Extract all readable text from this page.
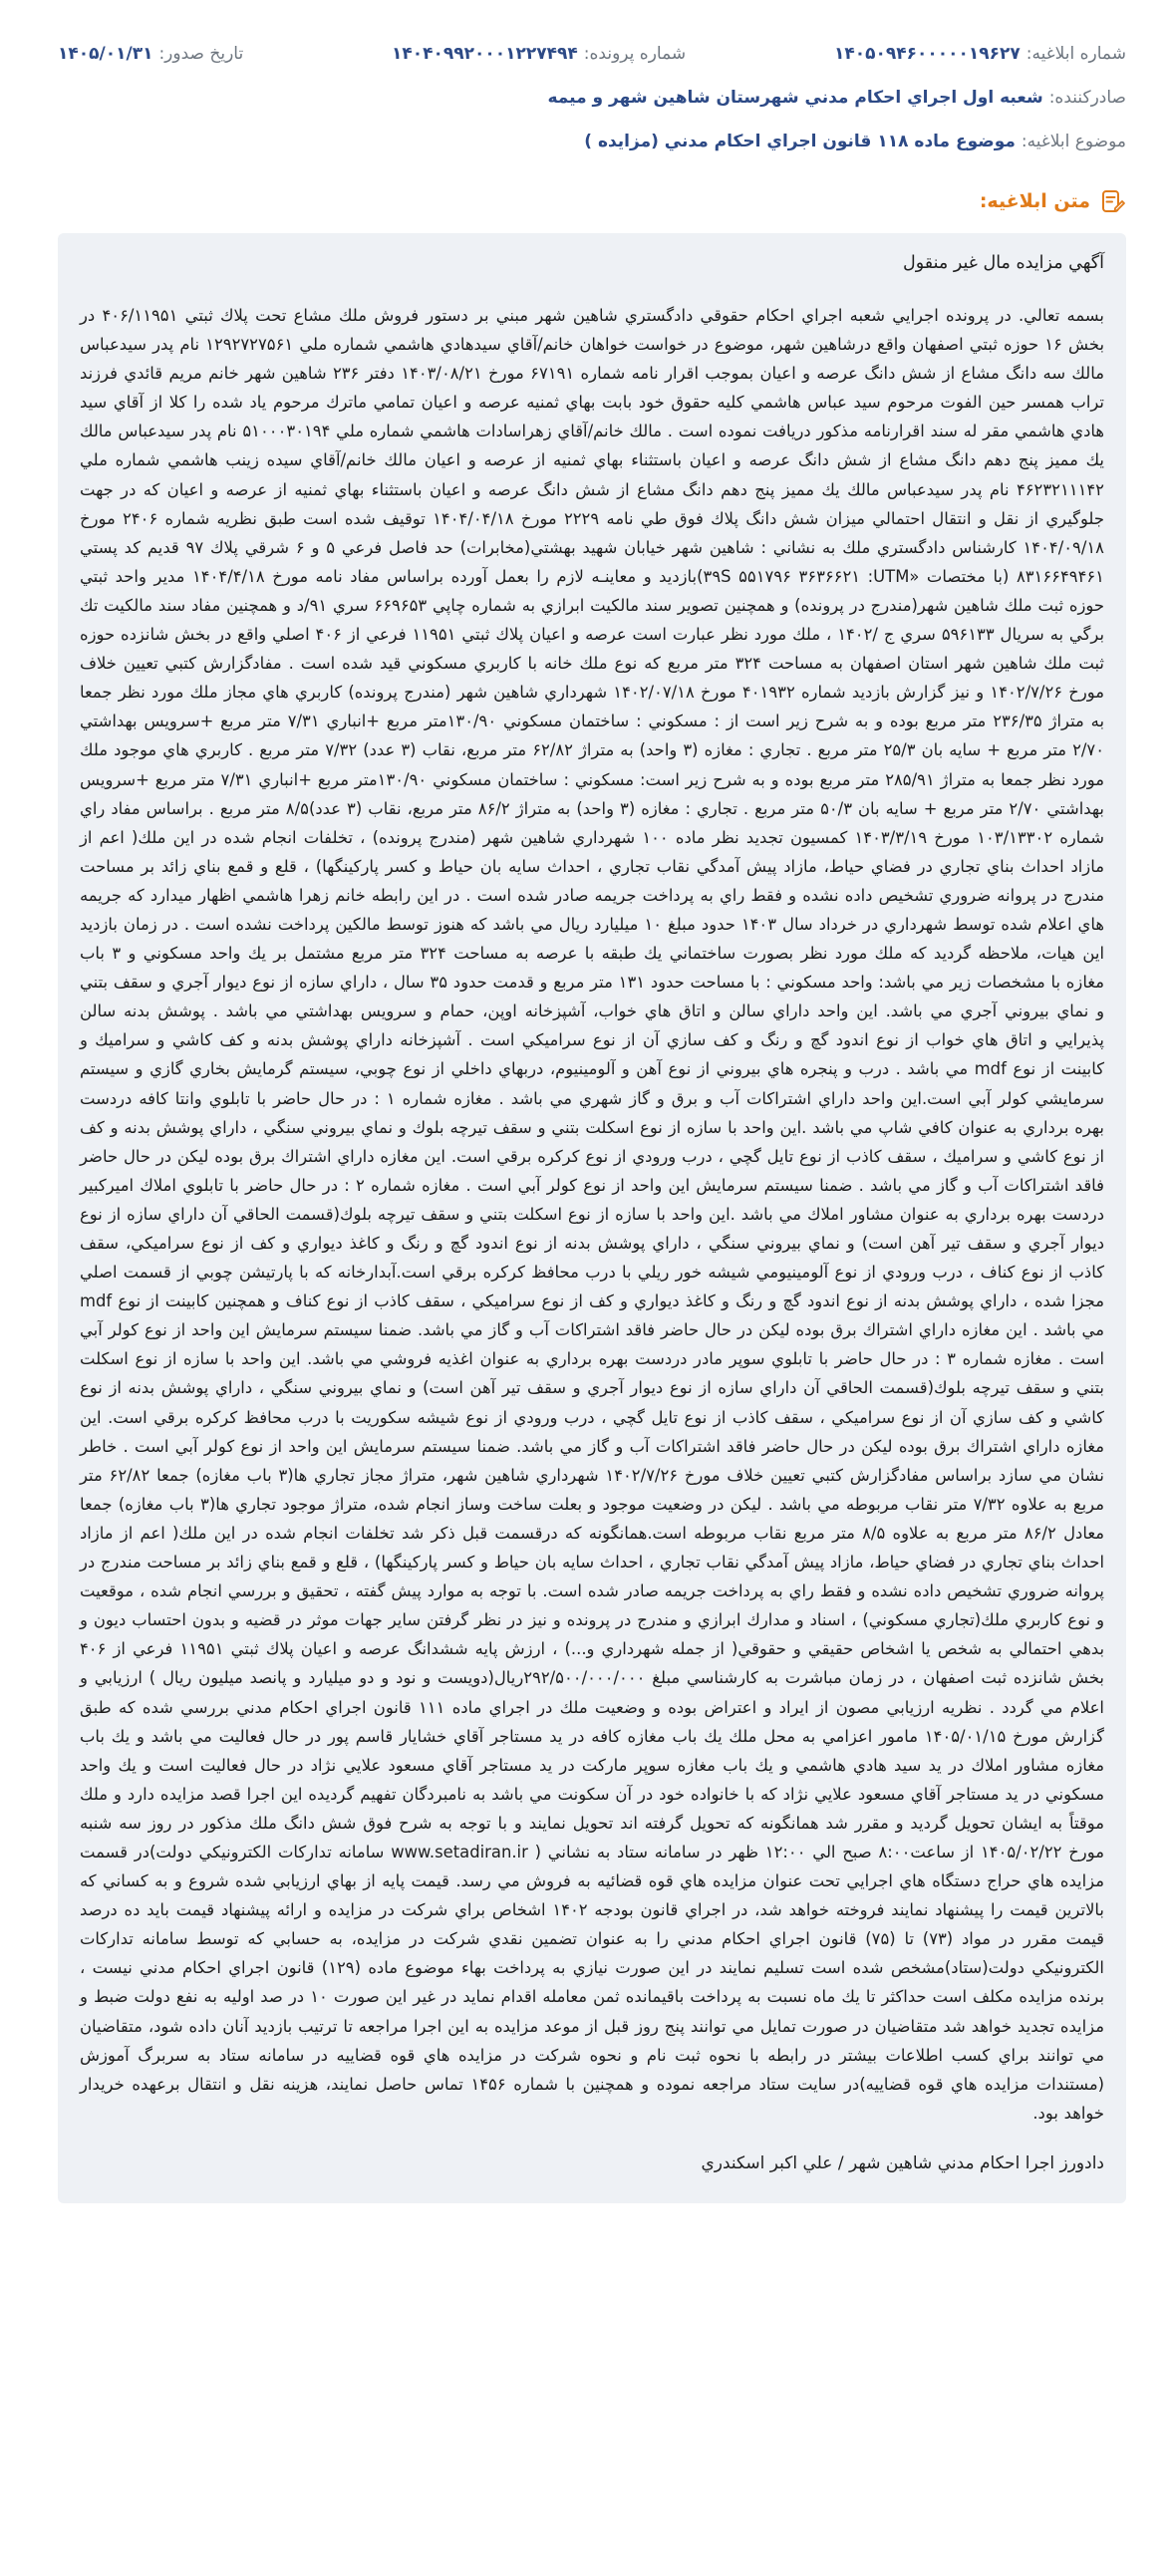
شماره ابلاغیه:
۱۴۰۵۰۹۴۶۰۰۰۰۰۱۹۶۲۷
شماره پرونده:
۱۴۰۴۰۹۹۲۰۰۰۱۲۲۷۴۹۴
تاریخ صدور:
۱۴۰۵/۰۱/۳۱
صادرکننده:
شعبه اول اجراي احكام مدني شهرستان شاهين شهر و ميمه
موضوع ابلاغیه:
موضوع ماده ۱۱۸ قانون اجراي احكام مدني (مزايده )
متن ابلاغیه:
آگهي مزايده مال غير منقول

بسمه تعالي. در پرونده اجرايي شعبه اجراي احكام حقوقي دادگستري شاهين شهر مبني بر دستور فروش ملك مشاع تحت پلاك ثبتي ۴۰۶/۱۱۹۵۱ در بخش ۱۶ حوزه ثبتي اصفهان واقع درشاهين شهر، موضوع در خواست خواهان خانم/آقاي سيدهادي هاشمي شماره ملي ۱۲۹۲۷۲۷۵۶۱ نام پدر سيدعباس مالك سه دانگ مشاع از شش دانگ عرصه و اعيان بموجب اقرار نامه شماره ۶۷۱۹۱ مورخ ۱۴۰۳/۰۸/۲۱ دفتر ۲۳۶ شاهين شهر خانم مريم قائدي فرزند تراب همسر حين الفوت مرحوم سيد عباس هاشمي كليه حقوق خود بابت بهاي ثمنيه عرصه و اعيان تمامي ماترك مرحوم ياد شده را كلا از آقاي سيد هادي هاشمي مقر له سند اقرارنامه مذكور دريافت نموده است . مالك خانم/آقاي زهراسادات هاشمي شماره ملي ۵۱۰۰۰۳۰۱۹۴ نام پدر سيدعباس مالك يك مميز پنج دهم دانگ مشاع از شش دانگ عرصه و اعيان باستثناء بهاي ثمنيه از عرصه و اعيان مالك خانم/آقاي سيده زينب هاشمي شماره ملي ۴۶۲۳۲۱۱۱۴۲ نام پدر سيدعباس مالك يك مميز پنج دهم دانگ مشاع از شش دانگ عرصه و اعيان باستثناء بهاي ثمنيه از عرصه و اعيان كه در جهت جلوگيري از نقل و انتقال احتمالي ميزان شش دانگ پلاك فوق طي نامه ۲۲۲۹ مورخ ۱۴۰۴/۰۴/۱۸ توقيف شده است طبق نظريه شماره ۲۴۰۶ مورخ ۱۴۰۴/۰۹/۱۸ كارشناس دادگستري ملك به نشاني : شاهين شهر خيابان شهيد بهشتي(مخابرات) حد فاصل فرعي ۵ و ۶ شرقي پلاك ۹۷ قديم كد پستي ۸۳۱۶۶۴۹۴۶۱ (با مختصات «۳۹S ۵۵۱۷۹۶ ۳۶۳۶۶۲۱ :UTM)بازديد و معاينـه لازم را بعمل آورده براساس مفاد نامه مورخ ۱۴۰۴/۴/۱۸ مدير واحد ثبتي حوزه ثبت ملك شاهين شهر(مندرج در پرونده) و همچنين تصوير سند مالكيت ابرازي به شماره چاپي ۶۶۹۶۵۳ سري ۹۱/د و همچنين مفاد سند مالكيت تك برگي به سريال ۵۹۶۱۳۳ سري ج /۱۴۰۲ ، ملك مورد نظر عبارت است عرصه و اعيان پلاك ثبتي ۱۱۹۵۱ فرعي از ۴۰۶ اصلي واقع در بخش شانزده حوزه ثبت ملك شاهين شهر استان اصفهان به مساحت ۳۲۴ متر مربع كه نوع ملك خانه با كاربري مسكوني قيد شده است . مفادگزارش كتبي تعيين خلاف مورخ ۱۴۰۲/۷/۲۶ و نيز گزارش بازديد شماره ۴۰۱۹۳۲ مورخ ۱۴۰۲/۰۷/۱۸ شهرداري شاهين شهر (مندرج پرونده) كاربري هاي مجاز ملك مورد نظر جمعا به متراژ ۲۳۶/۳۵ متر مربع بوده و به شرح زير است از : مسكوني : ساختمان مسكوني ۱۳۰/۹۰متر مربع +انباري ۷/۳۱ متر مربع +سرويس بهداشتي ۲/۷۰ متر مربع + سايه بان ۲۵/۳ متر مربع . تجاري : مغازه (۳ واحد) به متراژ ۶۲/۸۲ متر مربع، نقاب (۳ عدد) ۷/۳۲ متر مربع . كاربري هاي موجود ملك مورد نظر جمعا به متراژ ۲۸۵/۹۱ متر مربع بوده و به شرح زير است: مسكوني : ساختمان مسكوني ۱۳۰/۹۰متر مربع +انباري ۷/۳۱ متر مربع +سرويس بهداشتي ۲/۷۰ متر مربع + سايه بان ۵۰/۳ متر مربع . تجاري : مغازه (۳ واحد) به متراژ ۸۶/۲ متر مربع، نقاب (۳ عدد)۸/۵ متر مربع . براساس مفاد راي شماره ۱۰۳/۱۳۳۰۲ مورخ ۱۴۰۳/۳/۱۹ كمسيون تجديد نظر ماده ۱۰۰ شهرداري شاهين شهر (مندرج پرونده) ، تخلفات انجام شده در اين ملك( اعم از مازاد احداث بناي تجاري در فضاي حياط، مازاد پيش آمدگي نقاب تجاري ، احداث سايه بان حياط و كسر پاركينگها) ، قلع و قمع بناي زائد بر مساحت مندرج در پروانه ضروري تشخيص داده نشده و فقط راي به پرداخت جريمه صادر شده است . در اين رابطه خانم زهرا هاشمي اظهار ميدارد كه جريمه هاي اعلام شده توسط شهرداري در خرداد سال ۱۴۰۳ حدود مبلغ ۱۰ ميليارد ريال مي باشد كه هنوز توسط مالكين پرداخت نشده است . در زمان بازديد اين هيات، ملاحظه گرديد كه ملك مورد نظر بصورت ساختماني يك طبقه با عرصه به مساحت ۳۲۴ متر مربع مشتمل بر يك واحد مسكوني و ۳ باب مغازه با مشخصات زير مي باشد: واحد مسكوني : با مساحت حدود ۱۳۱ متر مربع و قدمت حدود ۳۵ سال ، داراي سازه از نوع ديوار آجري و سقف بتني و نماي بيروني آجري مي باشد. اين واحد داراي سالن و اتاق هاي خواب، آشپزخانه اوپن، حمام و سرويس بهداشتي مي باشد . پوشش بدنه سالن پذيرايي و اتاق هاي خواب از نوع اندود گچ و رنگ و كف سازي آن از نوع سراميكي است . آشپزخانه داراي پوشش بدنه و كف كاشي و سراميك و كابينت از نوع mdf مي باشد . درب و پنجره هاي بيروني از نوع آهن و آلومينيوم، دربهاي داخلي از نوع چوبي، سيستم گرمايش بخاري گازي و سيستم سرمايشي كولر آبي است.اين واحد داراي اشتراكات آب و برق و گاز شهري مي باشد . مغازه شماره ۱ : در حال حاضر با تابلوي وانتا كافه دردست بهره برداري به عنوان كافي شاپ مي باشد .اين واحد با سازه از نوع اسكلت بتني و سقف تيرچه بلوك و نماي بيروني سنگي ، داراي پوشش بدنه و كف از نوع كاشي و سراميك ، سقف كاذب از نوع تايل گچي ، درب ورودي از نوع كركره برقي است. اين مغازه داراي اشتراك برق بوده ليكن در حال حاضر فاقد اشتراكات آب و گاز مي باشد . ضمنا سيستم سرمايش اين واحد از نوع كولر آبي است . مغازه شماره ۲ : در حال حاضر با تابلوي املاك اميركبير دردست بهره برداري به عنوان مشاور املاك مي باشد .اين واحد با سازه از نوع اسكلت بتني و سقف تيرچه بلوك(قسمت الحاقي آن داراي سازه از نوع ديوار آجري و سقف تير آهن است) و نماي بيروني سنگي ، داراي پوشش بدنه از نوع اندود گچ و رنگ و كاغذ ديواري و كف از نوع سراميكي، سقف كاذب از نوع كناف ، درب ورودي از نوع آلومينيومي شيشه خور ريلي با درب محافظ كركره برقي است.آبدارخانه كه با پارتيشن چوبي از قسمت اصلي مجزا شده ، داراي پوشش بدنه از نوع اندود گچ و رنگ و كاغذ ديواري و كف از نوع سراميكي ، سقف كاذب از نوع كناف و همچنين كابينت از نوع mdf مي باشد . اين مغازه داراي اشتراك برق بوده ليكن در حال حاضر فاقد اشتراكات آب و گاز مي باشد. ضمنا سيستم سرمايش اين واحد از نوع كولر آبي است . مغازه شماره ۳ : در حال حاضر با تابلوي سوپر مادر دردست بهره برداري به عنوان اغذيه فروشي مي باشد. اين واحد با سازه از نوع اسكلت بتني و سقف تيرچه بلوك(قسمت الحاقي آن داراي سازه از نوع ديوار آجري و سقف تير آهن است) و نماي بيروني سنگي ، داراي پوشش بدنه از نوع كاشي و كف سازي آن از نوع سراميكي ، سقف كاذب از نوع تايل گچي ، درب ورودي از نوع شيشه سكوريت با درب محافظ كركره برقي است. اين مغازه داراي اشتراك برق بوده ليكن در حال حاضر فاقد اشتراكات آب و گاز مي باشد. ضمنا سيستم سرمايش اين واحد از نوع كولر آبي است . خاطر نشان مي سازد براساس مفادگزارش كتبي تعيين خلاف مورخ ۱۴۰۲/۷/۲۶ شهرداري شاهين شهر، متراژ مجاز تجاري ها(۳ باب مغازه) جمعا ۶۲/۸۲ متر مربع به علاوه ۷/۳۲ متر نقاب مربوطه مي باشد . ليكن در وضعيت موجود و بعلت ساخت وساز انجام شده، متراژ موجود تجاري ها(۳ باب مغازه) جمعا معادل ۸۶/۲ متر مربع به علاوه ۸/۵ متر مربع نقاب مربوطه است.همانگونه كه درقسمت قبل ذكر شد تخلفات انجام شده در اين ملك( اعم از مازاد احداث بناي تجاري در فضاي حياط، مازاد پيش آمدگي نقاب تجاري ، احداث سايه بان حياط و كسر پاركينگها) ، قلع و قمع بناي زائد بر مساحت مندرج در پروانه ضروري تشخيص داده نشده و فقط راي به پرداخت جريمه صادر شده است. با توجه به موارد پيش گفته ، تحقيق و بررسي انجام شده ، موقعيت و نوع كاربري ملك(تجاري مسكوني) ، اسناد و مدارك ابرازي و مندرج در پرونده و نيز در نظر گرفتن ساير جهات موثر در قضيه و بدون احتساب ديون و بدهي احتمالي به شخص يا اشخاص حقيقي و حقوقي( از جمله شهرداري و...) ، ارزش پايه ششدانگ عرصه و اعيان پلاك ثبتي ۱۱۹۵۱ فرعي از ۴۰۶ بخش شانزده ثبت اصفهان ، در زمان مباشرت به كارشناسي مبلغ ۲۹۲/۵۰۰/۰۰۰/۰۰۰ريال(دويست و نود و دو ميليارد و پانصد ميليون ريال ) ارزيابي و اعلام مي گردد . نظريه ارزيابي مصون از ايراد و اعتراض بوده و وضعيت ملك در اجراي ماده ۱۱۱ قانون اجراي احكام مدني بررسي شده كه طبق گزارش مورخ ۱۴۰۵/۰۱/۱۵ مامور اعزامي به محل ملك يك باب مغازه كافه در يد مستاجر آقاي خشايار قاسم پور در حال فعاليت مي باشد و يك باب مغازه مشاور املاك در يد سيد هادي هاشمي و يك باب مغازه سوپر ماركت در يد مستاجر آقاي مسعود علايي نژاد در حال فعاليت است و يك واحد مسكوني در يد مستاجر آقاي مسعود علايي نژاد كه با خانواده خود در آن سكونت مي باشد به نامبردگان تفهيم گرديده اين اجرا قصد مزايده دارد و ملك موقتاً به ايشان تحويل گرديد و مقرر شد همانگونه كه تحويل گرفته اند تحويل نمايند و با توجه به شرح فوق شش دانگ ملك مذكور در روز سه شنبه مورخ ۱۴۰۵/۰۲/۲۲ از ساعت۸:۰۰ صبح الي ۱۲:۰۰ ظهر در سامانه ستاد به نشاني ( www.setadiran.ir سامانه تداركات الكترونيكي دولت)در قسمت مزايده هاي حراج دستگاه هاي اجرايي تحت عنوان مزايده هاي قوه قضائيه به فروش مي رسد. قيمت پايه از بهاي ارزيابي شده شروع و به كساني كه بالاترين قيمت را پيشنهاد نمايند فروخته خواهد شد، در اجراي قانون بودجه ۱۴۰۲ اشخاص براي شركت در مزايده و ارائه پيشنهاد قيمت بايد ده درصد قيمت مقرر در مواد (۷۳) تا (۷۵) قانون اجراي احكام مدني را به عنوان تضمين نقدي شركت در مزايده، به حسابي كه توسط سامانه تداركات الكترونيكي دولت(ستاد)مشخص شده است تسليم نمايند در اين صورت نيازي به پرداخت بهاء موضوع ماده (۱۲۹) قانون اجراي احكام مدني نيست ، برنده مزايده مكلف است حداكثر تا يك ماه نسبت به پرداخت باقيمانده ثمن معامله اقدام نمايد در غير اين صورت ۱۰ در صد اوليه به نفع دولت ضبط و مزايده تجديد خواهد شد متقاضيان در صورت تمايل مي توانند پنج روز قبل از موعد مزايده به اين اجرا مراجعه تا ترتيب بازديد آنان داده شود، متقاضيان مي توانند براي كسب اطلاعات بيشتر در رابطه با نحوه ثبت نام و نحوه شركت در مزايده هاي قوه قضاييه در سامانه ستاد به سربرگ آموزش (مستندات مزايده هاي قوه قضاييه)در سايت ستاد مراجعه نموده و همچنين با شماره ۱۴۵۶ تماس حاصل نمايند، هزينه نقل و انتقال برعهده خريدار خواهد بود.

دادورز اجرا احكام مدني شاهين شهر / علي اكبر اسكندري
